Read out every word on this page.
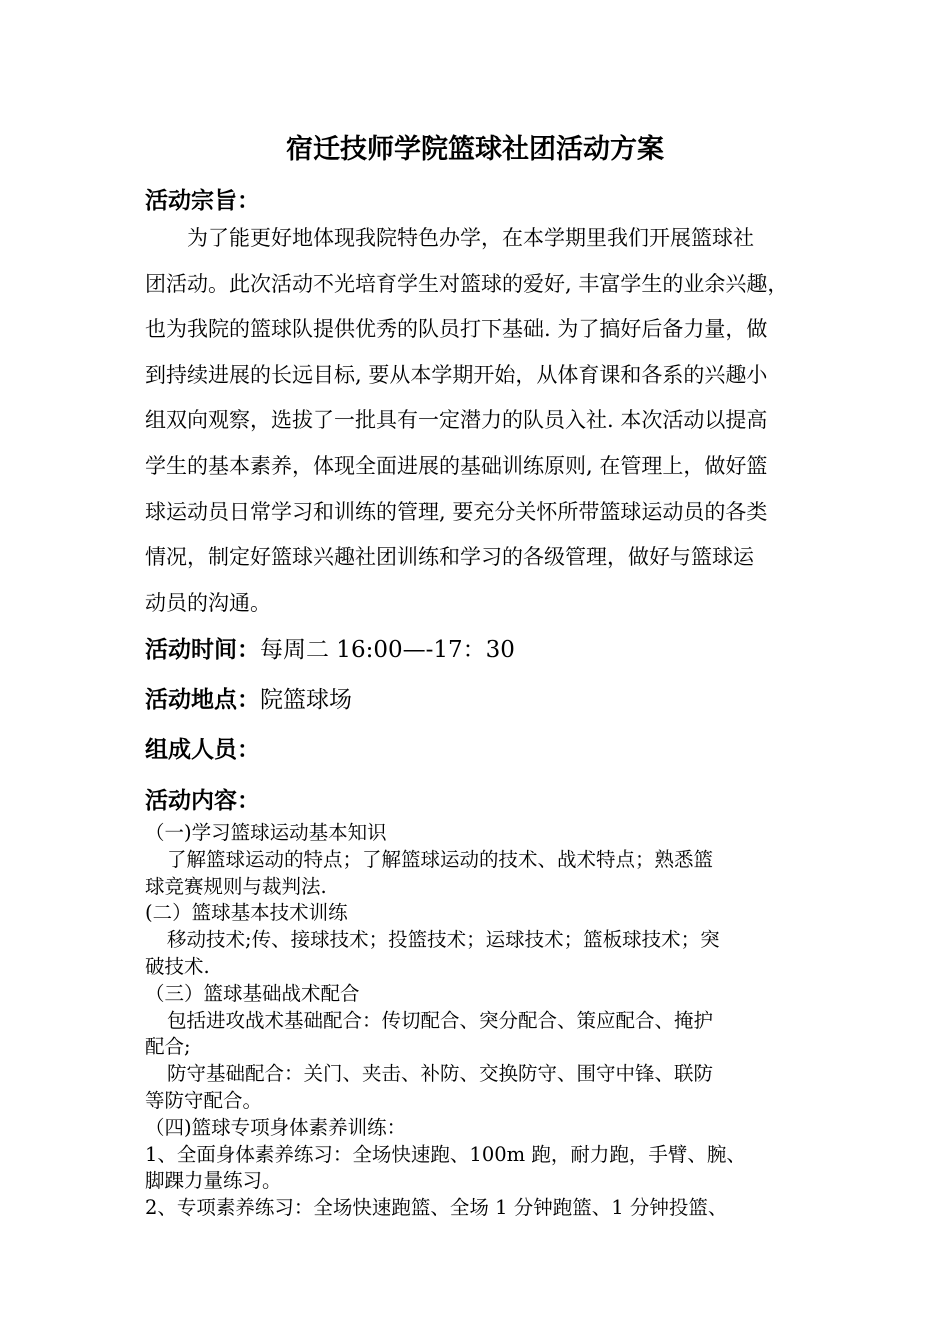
宿迁技师学院篮球社团活动方案
活动宗旨：
为了能更好地体现我院特色办学，在本学期里我们开展篮球社
团活动。此次活动不光培育学生对篮球的爱好, 丰富学生的业余兴趣，
也为我院的篮球队提供优秀的队员打下基础. 为了搞好后备力量，做
到持续进展的长远目标, 要从本学期开始，从体育课和各系的兴趣小
组双向观察，选拔了一批具有一定潜力的队员入社. 本次活动以提高
学生的基本素养，体现全面进展的基础训练原则, 在管理上，做好篮
球运动员日常学习和训练的管理, 要充分关怀所带篮球运动员的各类
情况，制定好篮球兴趣社团训练和学习的各级管理，做好与篮球运
动员的沟通。
活动时间：每周二 16:00—-17：30
活动地点：院篮球场
组成人员：
活动内容：
（一)学习篮球运动基本知识
了解篮球运动的特点；了解篮球运动的技术、战术特点；熟悉篮
球竞赛规则与裁判法.
(二）篮球基本技术训练
移动技术;传、接球技术；投篮技术；运球技术；篮板球技术；突
破技术.
（三）篮球基础战术配合
包括进攻战术基础配合：传切配合、突分配合、策应配合、掩护
配合;
防守基础配合：关门、夹击、补防、交换防守、围守中锋、联防
等防守配合。
（四)篮球专项身体素养训练：
1、全面身体素养练习：全场快速跑、100m 跑，耐力跑，手臂、腕、
脚踝力量练习。
2、专项素养练习：全场快速跑篮、全场 1 分钟跑篮、1 分钟投篮、
